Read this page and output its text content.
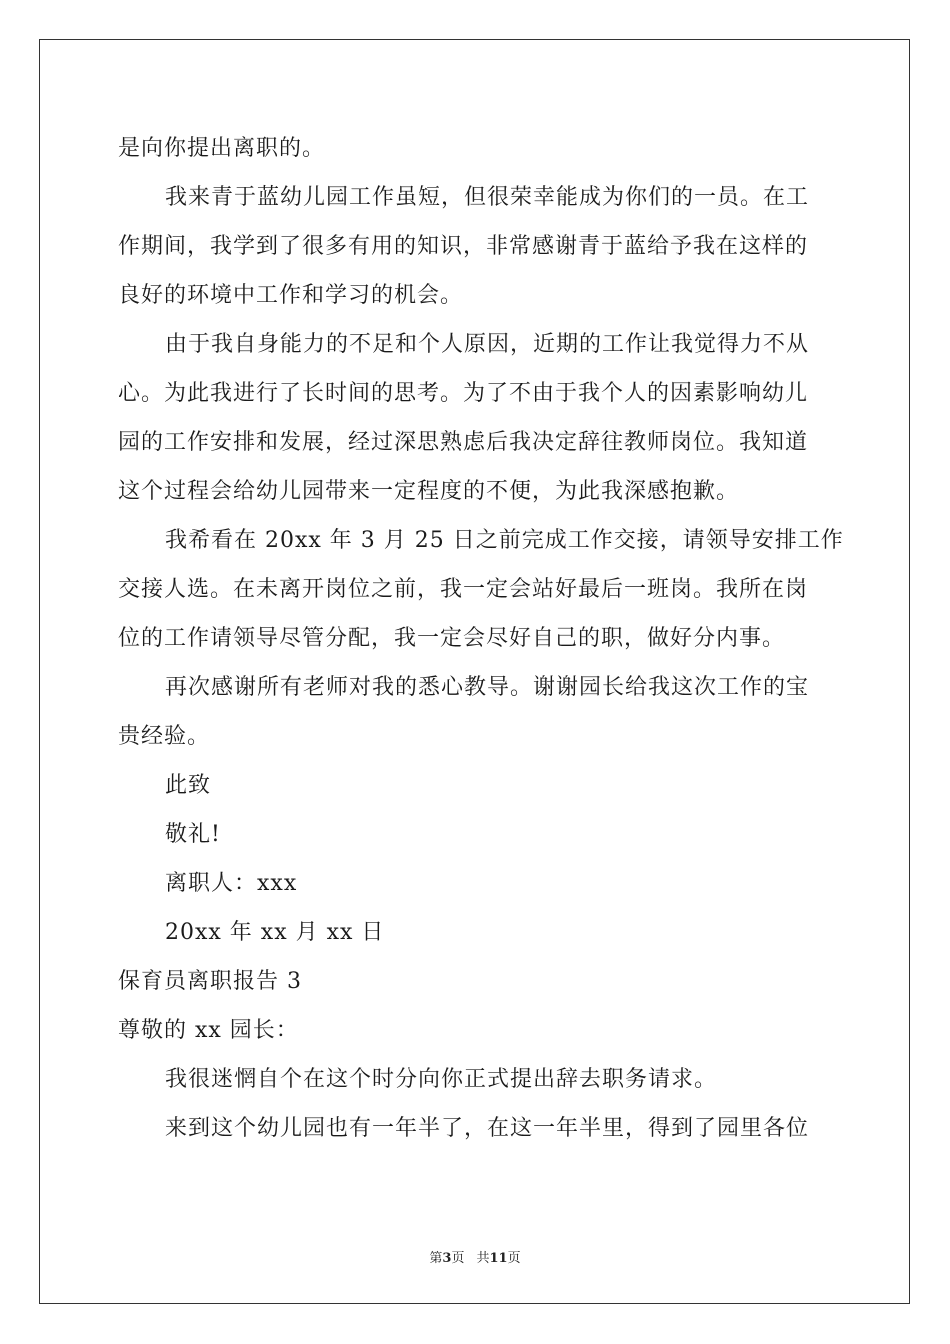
是向你提出离职的。
我来青于蓝幼儿园工作虽短，但很荣幸能成为你们的一员。在工
作期间，我学到了很多有用的知识，非常感谢青于蓝给予我在这样的
良好的环境中工作和学习的机会。
由于我自身能力的不足和个人原因，近期的工作让我觉得力不从
心。为此我进行了长时间的思考。为了不由于我个人的因素影响幼儿
园的工作安排和发展，经过深思熟虑后我决定辞往教师岗位。我知道
这个过程会给幼儿园带来一定程度的不便，为此我深感抱歉。
我希看在 20xx 年 3 月 25 日之前完成工作交接，请领导安排工作
交接人选。在未离开岗位之前，我一定会站好最后一班岗。我所在岗
位的工作请领导尽管分配，我一定会尽好自己的职，做好分内事。
再次感谢所有老师对我的悉心教导。谢谢园长给我这次工作的宝
贵经验。
此致
敬礼!
离职人：xxx
20xx 年 xx 月 xx 日
保育员离职报告 3
尊敬的 xx 园长：
我很迷惘自个在这个时分向你正式提出辞去职务请求。
来到这个幼儿园也有一年半了，在这一年半里，得到了园里各位
第3页 共11页
